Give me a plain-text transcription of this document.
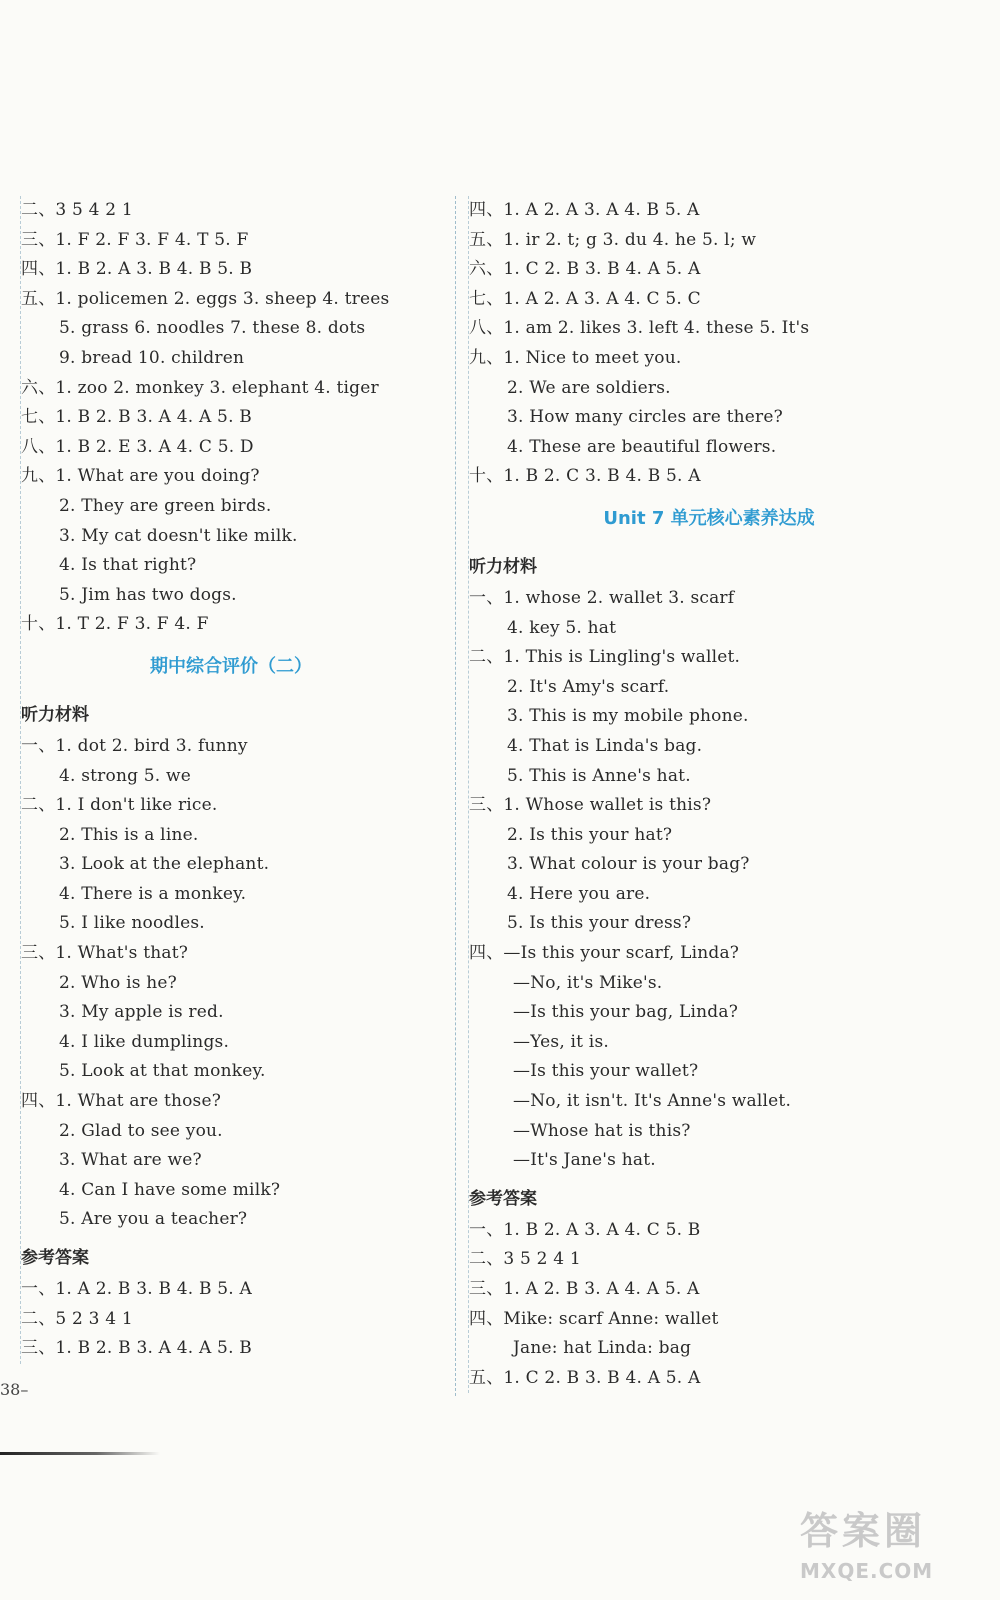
二、3 5 4 2 1
三、1. F 2. F 3. F 4. T 5. F
四、1. B 2. A 3. B 4. B 5. B
五、1. policemen 2. eggs 3. sheep 4. trees
5. grass 6. noodles 7. these 8. dots
9. bread 10. children
六、1. zoo 2. monkey 3. elephant 4. tiger
七、1. B 2. B 3. A 4. A 5. B
八、1. B 2. E 3. A 4. C 5. D
九、1. What are you doing?
2. They are green birds.
3. My cat doesn't like milk.
4. Is that right?
5. Jim has two dogs.
十、1. T 2. F 3. F 4. F
期中综合评价（二）
听力材料
一、1. dot 2. bird 3. funny
4. strong 5. we
二、1. I don't like rice.
2. This is a line.
3. Look at the elephant.
4. There is a monkey.
5. I like noodles.
三、1. What's that?
2. Who is he?
3. My apple is red.
4. I like dumplings.
5. Look at that monkey.
四、1. What are those?
2. Glad to see you.
3. What are we?
4. Can I have some milk?
5. Are you a teacher?
参考答案
一、1. A 2. B 3. B 4. B 5. A
二、5 2 3 4 1
三、1. B 2. B 3. A 4. A 5. B
四、1. A 2. A 3. A 4. B 5. A
五、1. ir 2. t; g 3. du 4. he 5. l; w
六、1. C 2. B 3. B 4. A 5. A
七、1. A 2. A 3. A 4. C 5. C
八、1. am 2. likes 3. left 4. these 5. It's
九、1. Nice to meet you.
2. We are soldiers.
3. How many circles are there?
4. These are beautiful flowers.
十、1. B 2. C 3. B 4. B 5. A
Unit 7 单元核心素养达成
听力材料
一、1. whose 2. wallet 3. scarf
4. key 5. hat
二、1. This is Lingling's wallet.
2. It's Amy's scarf.
3. This is my mobile phone.
4. That is Linda's bag.
5. This is Anne's hat.
三、1. Whose wallet is this?
2. Is this your hat?
3. What colour is your bag?
4. Here you are.
5. Is this your dress?
四、—Is this your scarf, Linda?
—No, it's Mike's.
—Is this your bag, Linda?
—Yes, it is.
—Is this your wallet?
—No, it isn't. It's Anne's wallet.
—Whose hat is this?
—It's Jane's hat.
参考答案
一、1. B 2. A 3. A 4. C 5. B
二、3 5 2 4 1
三、1. A 2. B 3. A 4. A 5. A
四、Mike: scarf Anne: wallet
Jane: hat Linda: bag
五、1. C 2. B 3. B 4. A 5. A
38–
答案圈
MXQE.COM
